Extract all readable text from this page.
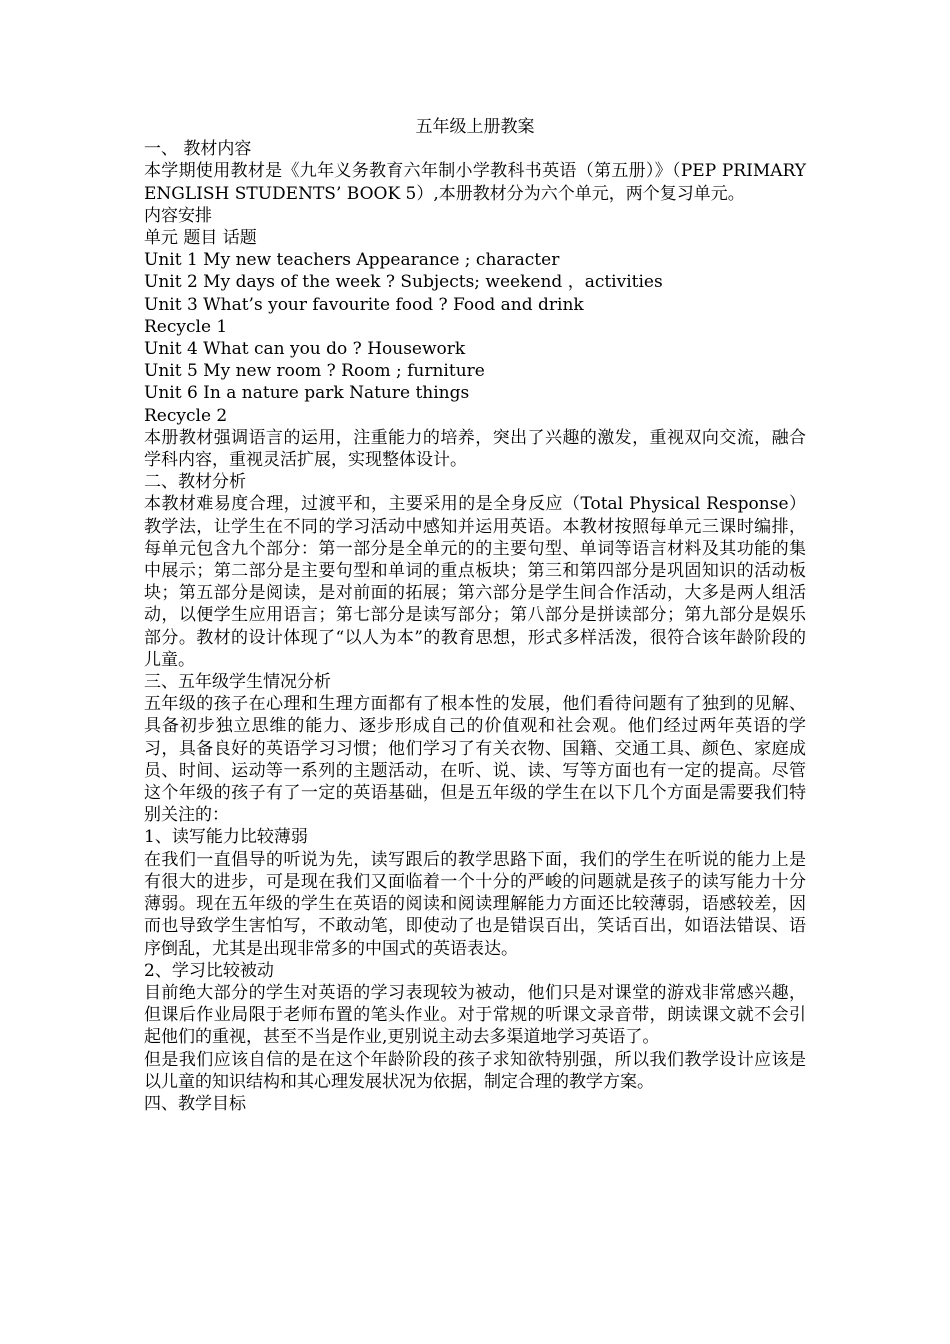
五年级上册教案
一、 教材内容

本学期使用教材是《九年义务教育六年制小学教科书英语（第五册）》（PEP PRIMARY ENGLISH STUDENTS’ BOOK 5）,本册教材分为六个单元，两个复习单元。

内容安排
单元 题目 话题
Unit 1 My new teachers Appearance ; character
Unit 2 My days of the week ? Subjects; weekend ，activities
Unit 3 What’s your favourite food ? Food and drink
Recycle 1
Unit 4 What can you do ? Housework
Unit 5 My new room ? Room ; furniture
Unit 6 In a nature park Nature things
Recycle 2

本册教材强调语言的运用，注重能力的培养，突出了兴趣的激发，重视双向交流，融合学科内容，重视灵活扩展，实现整体设计。

二、教材分析

本教材难易度合理，过渡平和，主要采用的是全身反应（Total Physical Response）教学法，让学生在不同的学习活动中感知并运用英语。本教材按照每单元三课时编排，每单元包含九个部分：第一部分是全单元的的主要句型、单词等语言材料及其功能的集中展示；第二部分是主要句型和单词的重点板块；第三和第四部分是巩固知识的活动板块；第五部分是阅读，是对前面的拓展；第六部分是学生间合作活动，大多是两人组活动，以便学生应用语言；第七部分是读写部分；第八部分是拼读部分；第九部分是娱乐部分。教材的设计体现了“以人为本”的教育思想，形式多样活泼，很符合该年龄阶段的儿童。

三、五年级学生情况分析

五年级的孩子在心理和生理方面都有了根本性的发展，他们看待问题有了独到的见解、具备初步独立思维的能力、逐步形成自己的价值观和社会观。他们经过两年英语的学习，具备良好的英语学习习惯；他们学习了有关衣物、国籍、交通工具、颜色、家庭成员、时间、运动等一系列的主题活动，在听、说、读、写等方面也有一定的提高。尽管这个年级的孩子有了一定的英语基础，但是五年级的学生在以下几个方面是需要我们特别关注的：

1、读写能力比较薄弱

在我们一直倡导的听说为先，读写跟后的教学思路下面，我们的学生在听说的能力上是有很大的进步，可是现在我们又面临着一个十分的严峻的问题就是孩子的读写能力十分薄弱。现在五年级的学生在英语的阅读和阅读理解能力方面还比较薄弱，语感较差，因而也导致学生害怕写，不敢动笔，即使动了也是错误百出，笑话百出，如语法错误、语序倒乱，尤其是出现非常多的中国式的英语表达。

2、学习比较被动

目前绝大部分的学生对英语的学习表现较为被动，他们只是对课堂的游戏非常感兴趣，但课后作业局限于老师布置的笔头作业。对于常规的听课文录音带，朗读课文就不会引起他们的重视，甚至不当是作业,更别说主动去多渠道地学习英语了。

但是我们应该自信的是在这个年龄阶段的孩子求知欲特别强，所以我们教学设计应该是以儿童的知识结构和其心理发展状况为依据，制定合理的教学方案。

四、教学目标
